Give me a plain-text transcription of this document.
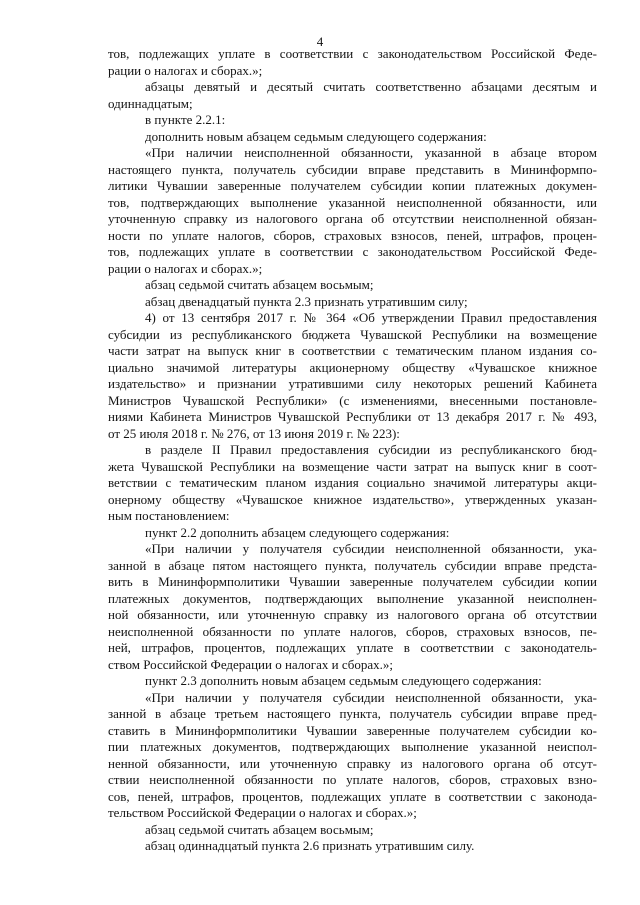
4
тов, подлежащих уплате в соответствии с законодательством Российской Феде-
рации о налогах и сборах.»;
абзацы девятый и десятый считать соответственно абзацами десятым и
одиннадцатым;
в пункте 2.2.1:
дополнить новым абзацем седьмым следующего содержания:
«При наличии неисполненной обязанности, указанной в абзаце втором
настоящего пункта, получатель субсидии вправе представить в Мининформпо-
литики Чувашии заверенные получателем субсидии копии платежных докумен-
тов, подтверждающих выполнение указанной неисполненной обязанности, или
уточненную справку из налогового органа об отсутствии неисполненной обязан-
ности по уплате налогов, сборов, страховых взносов, пеней, штрафов, процен-
тов, подлежащих уплате в соответствии с законодательством Российской Феде-
рации о налогах и сборах.»;
абзац седьмой считать абзацем восьмым;
абзац двенадцатый пункта 2.3 признать утратившим силу;
4) от 13 сентября 2017 г. № 364 «Об утверждении Правил предоставления
субсидии из республиканского бюджета Чувашской Республики на возмещение
части затрат на выпуск книг в соответствии с тематическим планом издания со-
циально значимой литературы акционерному обществу «Чувашское книжное
издательство» и признании утратившими силу некоторых решений Кабинета
Министров Чувашской Республики» (с изменениями, внесенными постановле-
ниями Кабинета Министров Чувашской Республики от 13 декабря 2017 г. № 493,
от 25 июля 2018 г. № 276, от 13 июня 2019 г. № 223):
в разделе II Правил предоставления субсидии из республиканского бюд-
жета Чувашской Республики на возмещение части затрат на выпуск книг в соот-
ветствии с тематическим планом издания социально значимой литературы акци-
онерному обществу «Чувашское книжное издательство», утвержденных указан-
ным постановлением:
пункт 2.2 дополнить абзацем следующего содержания:
«При наличии у получателя субсидии неисполненной обязанности, ука-
занной в абзаце пятом настоящего пункта, получатель субсидии вправе предста-
вить в Мининформполитики Чувашии заверенные получателем субсидии копии
платежных документов, подтверждающих выполнение указанной неисполнен-
ной обязанности, или уточненную справку из налогового органа об отсутствии
неисполненной обязанности по уплате налогов, сборов, страховых взносов, пе-
ней, штрафов, процентов, подлежащих уплате в соответствии с законодатель-
ством Российской Федерации о налогах и сборах.»;
пункт 2.3 дополнить новым абзацем седьмым следующего содержания:
«При наличии у получателя субсидии неисполненной обязанности, ука-
занной в абзаце третьем настоящего пункта, получатель субсидии вправе пред-
ставить в Мининформполитики Чувашии заверенные получателем субсидии ко-
пии платежных документов, подтверждающих выполнение указанной неиспол-
ненной обязанности, или уточненную справку из налогового органа об отсут-
ствии неисполненной обязанности по уплате налогов, сборов, страховых взно-
сов, пеней, штрафов, процентов, подлежащих уплате в соответствии с законода-
тельством Российской Федерации о налогах и сборах.»;
абзац седьмой считать абзацем восьмым;
абзац одиннадцатый пункта 2.6 признать утратившим силу.
